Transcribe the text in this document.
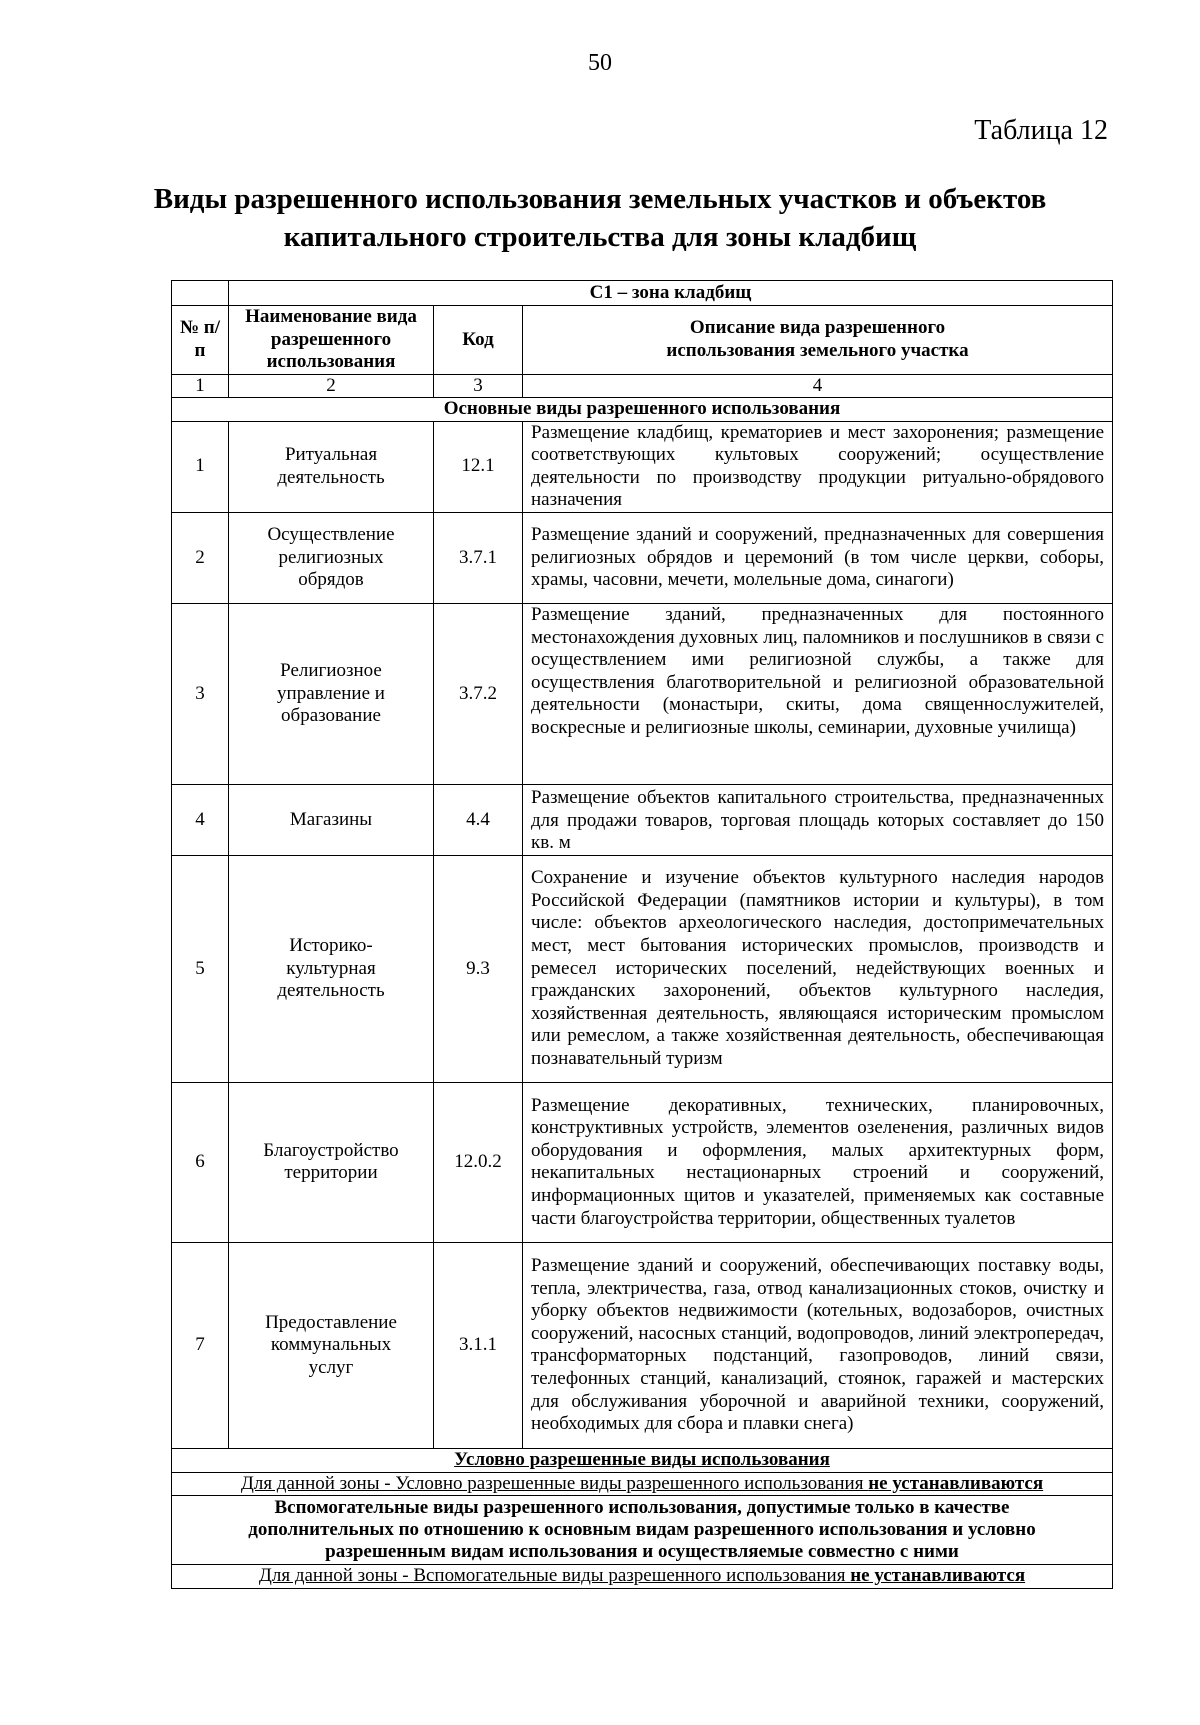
50
Таблица 12
Виды разрешенного использования земельных участков и объектов
капитального строительства для зоны кладбищ
	С1 – зона кладбищ		
№ п/п	Наименование вида разрешенного использования	Код	Описание вида разрешенного использования земельного участка
1	2	3	4
Основные виды разрешенного использования			
1	Ритуальная деятельность	12.1	Размещение кладбищ, крематориев и мест захоронения; размещение соответствующих культовых сооружений; осуществление деятельности по производству продукции ритуально-обрядового назначения
2	Осуществление религиозных обрядов	3.7.1	Размещение зданий и сооружений, предназначенных для совершения религиозных обрядов и церемоний (в том числе церкви, соборы, храмы, часовни, мечети, молельные дома, синагоги)
3	Религиозное управление и образование	3.7.2	Размещение зданий, предназначенных для постоянного местонахождения духовных лиц, паломников и послушников в связи с осуществлением ими религиозной службы, а также для осуществления благотворительной и религиозной образовательной деятельности (монастыри, скиты, дома священнослужителей, воскресные и религиозные школы, семинарии, духовные училища)
4	Магазины	4.4	Размещение объектов капитального строительства, предназначенных для продажи товаров, торговая площадь которых составляет до 150 кв. м
5	Историко-культурная деятельность	9.3	Сохранение и изучение объектов культурного наследия народов Российской Федерации (памятников истории и культуры), в том числе: объектов археологического наследия, достопримечательных мест, мест бытования исторических промыслов, производств и ремесел исторических поселений, недействующих военных и гражданских захоронений, объектов культурного наследия, хозяйственная деятельность, являющаяся историческим промыслом или ремеслом, а также хозяйственная деятельность, обеспечивающая познавательный туризм
6	Благоустройство территории	12.0.2	Размещение декоративных, технических, планировочных, конструктивных устройств, элементов озеленения, различных видов оборудования и оформления, малых архитектурных форм, некапитальных нестационарных строений и сооружений, информационных щитов и указателей, применяемых как составные части благоустройства территории, общественных туалетов
7	Предоставление коммунальных услуг	3.1.1	Размещение зданий и сооружений, обеспечивающих поставку воды, тепла, электричества, газа, отвод канализационных стоков, очистку и уборку объектов недвижимости (котельных, водозаборов, очистных сооружений, насосных станций, водопроводов, линий электропередач, трансформаторных подстанций, газопроводов, линий связи, телефонных станций, канализаций, стоянок, гаражей и мастерских для обслуживания уборочной и аварийной техники, сооружений, необходимых для сбора и плавки снега)
Условно разрешенные виды использования			
Для данной зоны - Условно разрешенные виды разрешенного использования не устанавливаются			
Вспомогательные виды разрешенного использования, допустимые только в качестве дополнительных по отношению к основным видам разрешенного использования и условно разрешенным видам использования и осуществляемые совместно с ними			
Для данной зоны - Вспомогательные виды разрешенного использования не устанавливаются			
